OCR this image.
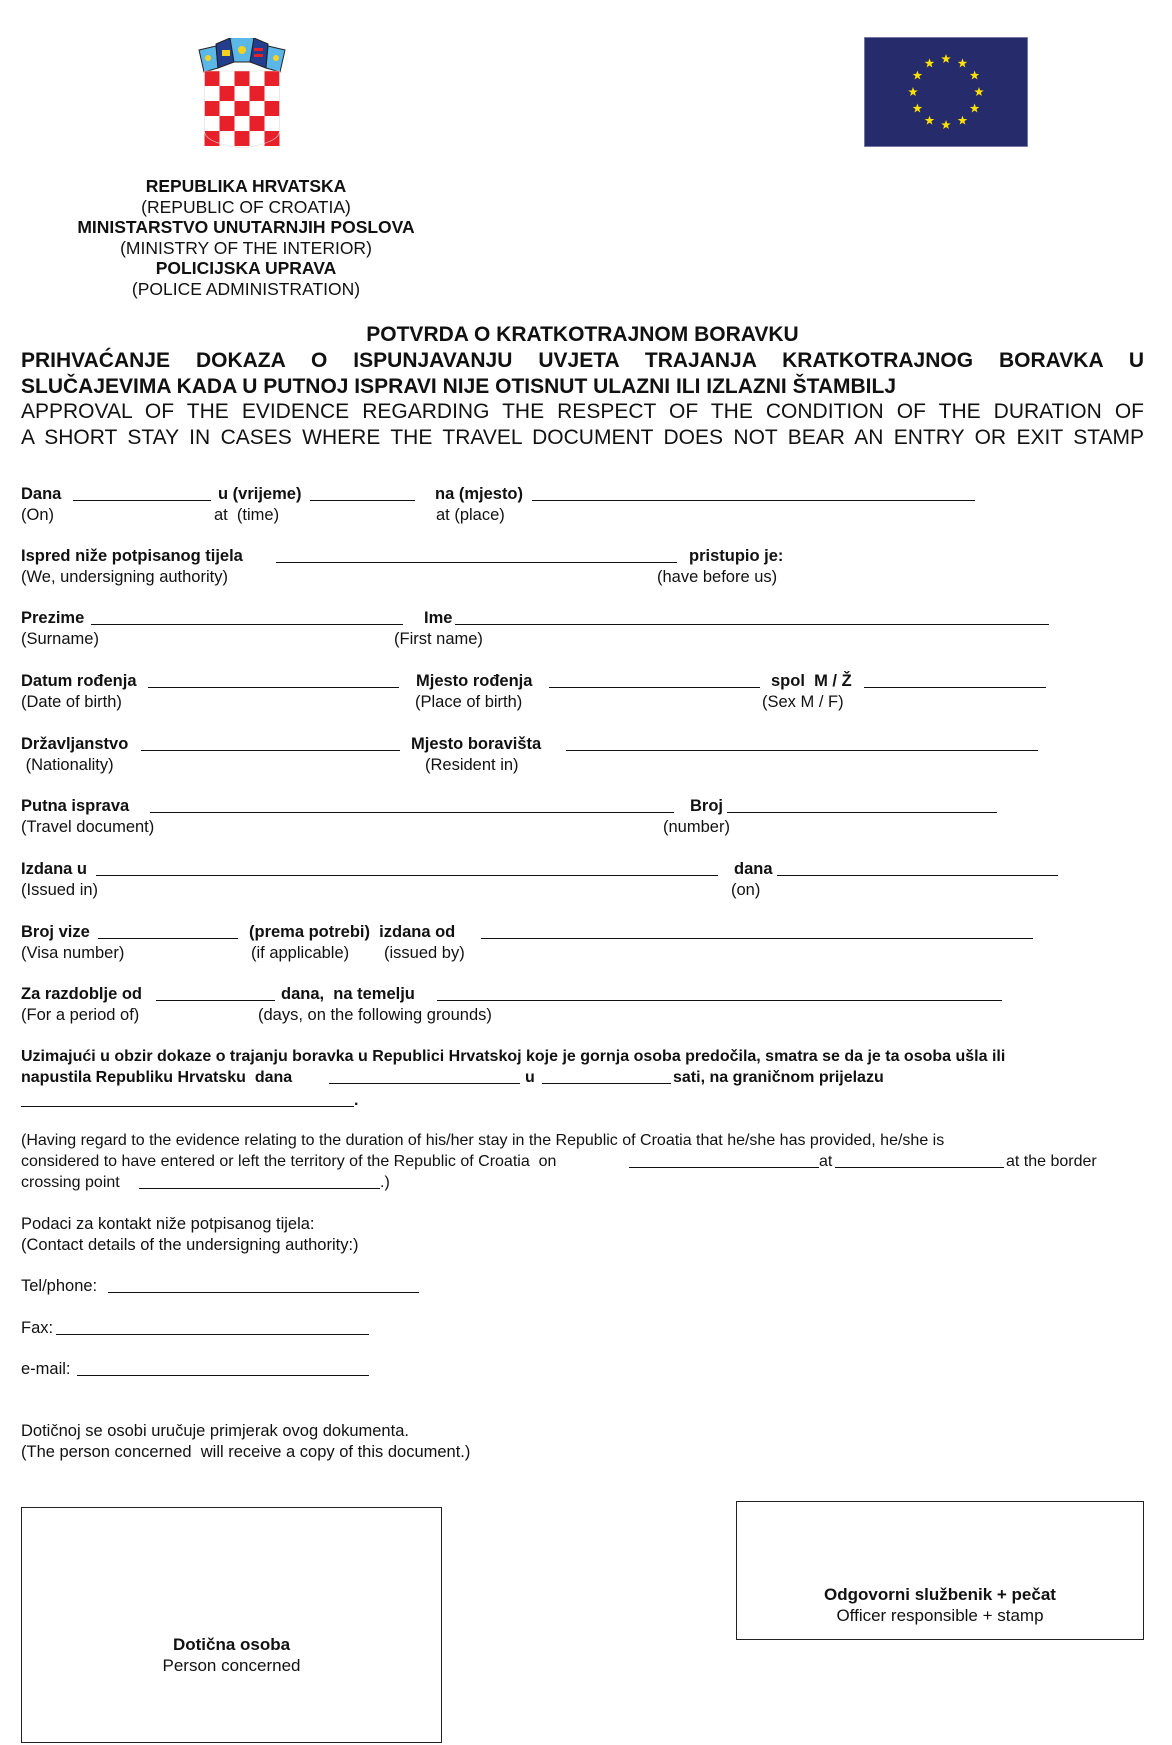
REPUBLIKA HRVATSKA
(REPUBLIC OF CROATIA)
MINISTARSTVO UNUTARNJIH POSLOVA
(MINISTRY OF THE INTERIOR)
POLICIJSKA UPRAVA
(POLICE ADMINISTRATION)
POTVRDA O KRATKOTRAJNOM BORAVKU
PRIHVAĆANJE DOKAZA O ISPUNJAVANJU UVJETA TRAJANJA KRATKOTRAJNOG BORAVKA U
SLUČAJEVIMA KADA U PUTNOJ ISPRAVI NIJE OTISNUT ULAZNI ILI IZLAZNI ŠTAMBILJ
APPROVAL OF THE EVIDENCE REGARDING THE RESPECT OF THE CONDITION OF THE DURATION OF
A SHORT STAY IN CASES WHERE THE TRAVEL DOCUMENT DOES NOT BEAR AN ENTRY OR EXIT STAMP
Dana	u (vrijeme)	na (mjesto)
(On)	at  (time)	at (place)
Ispred niže potpisanog tijela	pristupio je:
(We, undersigning authority)	(have before us)
Prezime	Ime
(Surname)	(First name)
Datum rođenja	Mjesto rođenja	spol  M / Ž
(Date of birth)	(Place of birth)	(Sex M / F)
Državljanstvo	Mjesto boravišta
(Nationality)	(Resident in)
Putna isprava	Broj
(Travel document)	(number)
Izdana u	dana
(Issued in)	(on)
Broj vize	(prema potrebi)  izdana od
(Visa number)	(if applicable) (issued by)
Za razdoblje od	dana,  na temelju
(For a period of)	(days, on the following grounds)
Uzimajući u obzir dokaze o trajanju boravka u Republici Hrvatskoj koje je gornja osoba predočila, smatra se da je ta osoba ušla ili
napustila Republiku Hrvatsku  dana	u	sati, na graničnom prijelazu
.
(Having regard to the evidence relating to the duration of his/her stay in the Republic of Croatia that he/she has provided, he/she is
considered to have entered or left the territory of the Republic of Croatia  on	at	at the border
crossing point	.)
Podaci za kontakt niže potpisanog tijela:
(Contact details of the undersigning authority:)
Tel/phone:
Fax:
e-mail:
Dotičnoj se osobi uručuje primjerak ovog dokumenta.
(The person concerned  will receive a copy of this document.)
Dotična osoba
Person concerned
Odgovorni službenik + pečat
Officer responsible + stamp
